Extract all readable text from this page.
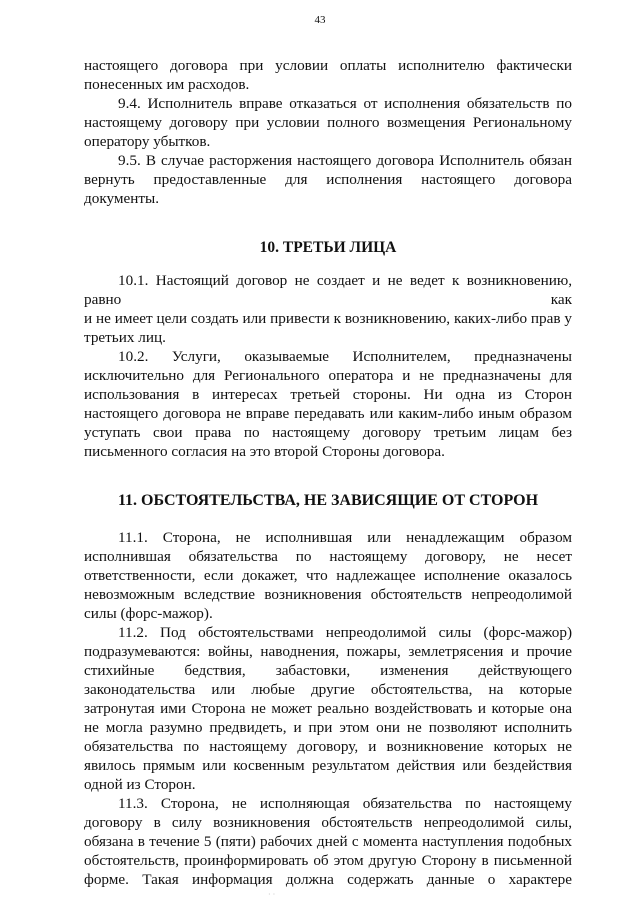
43

настоящего договора при условии оплаты исполнителю фактически понесенных им расходов.

9.4. Исполнитель вправе отказаться от исполнения обязательств по настоящему договору при условии полного возмещения Региональному оператору убытков.

9.5. В случае расторжения настоящего договора Исполнитель обязан вернуть предоставленные для исполнения настоящего договора документы.

10. ТРЕТЬИ ЛИЦА

10.1. Настоящий договор не создает и не ведет к возникновению,

равно как

и не имеет цели создать или привести к возникновению, каких-либо прав у третьих лиц.

10.2. Услуги, оказываемые Исполнителем, предназначены исключительно для Регионального оператора и не предназначены для использования в интересах третьей стороны. Ни одна из Сторон настоящего договора не вправе передавать или каким-либо иным образом уступать свои права по настоящему договору третьим лицам без письменного согласия на это второй Стороны договора.

11. ОБСТОЯТЕЛЬСТВА, НЕ ЗАВИСЯЩИЕ ОТ СТОРОН

11.1. Сторона, не исполнившая или ненадлежащим образом исполнившая обязательства по настоящему договору, не несет ответственности, если докажет, что надлежащее исполнение оказалось невозможным вследствие возникновения обстоятельств непреодолимой силы (форс-мажор).

11.2. Под обстоятельствами непреодолимой силы (форс-мажор) подразумеваются: войны, наводнения, пожары, землетрясения и прочие стихийные бедствия, забастовки, изменения действующего законодательства или любые другие обстоятельства, на которые затронутая ими Сторона не может реально воздействовать и которые она не могла разумно предвидеть, и при этом они не позволяют исполнить обязательства по настоящему договору, и возникновение которых не явилось прямым или косвенным результатом действия или бездействия одной из Сторон.

11.3. Сторона, не исполняющая обязательства по настоящему договору в силу возникновения обстоятельств непреодолимой силы, обязана в течение 5 (пяти) рабочих дней с момента наступления подобных обстоятельств, проинформировать об этом другую Сторону в письменной форме. Такая информация должна содержать данные о характере

· ·
